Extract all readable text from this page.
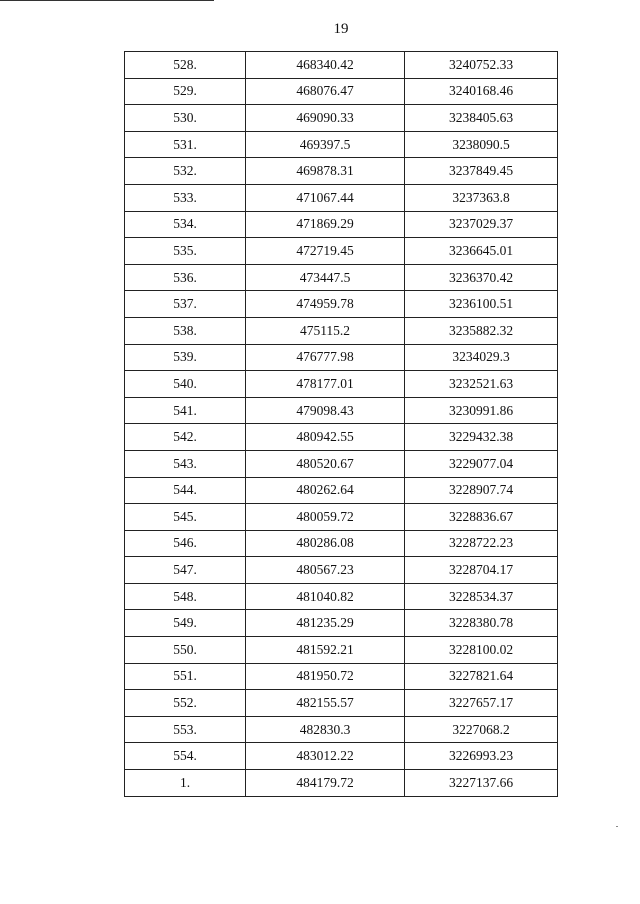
19
528.	468340.42	3240752.33
529.	468076.47	3240168.46
530.	469090.33	3238405.63
531.	469397.5	3238090.5
532.	469878.31	3237849.45
533.	471067.44	3237363.8
534.	471869.29	3237029.37
535.	472719.45	3236645.01
536.	473447.5	3236370.42
537.	474959.78	3236100.51
538.	475115.2	3235882.32
539.	476777.98	3234029.3
540.	478177.01	3232521.63
541.	479098.43	3230991.86
542.	480942.55	3229432.38
543.	480520.67	3229077.04
544.	480262.64	3228907.74
545.	480059.72	3228836.67
546.	480286.08	3228722.23
547.	480567.23	3228704.17
548.	481040.82	3228534.37
549.	481235.29	3228380.78
550.	481592.21	3228100.02
551.	481950.72	3227821.64
552.	482155.57	3227657.17
553.	482830.3	3227068.2
554.	483012.22	3226993.23
1.	484179.72	3227137.66
